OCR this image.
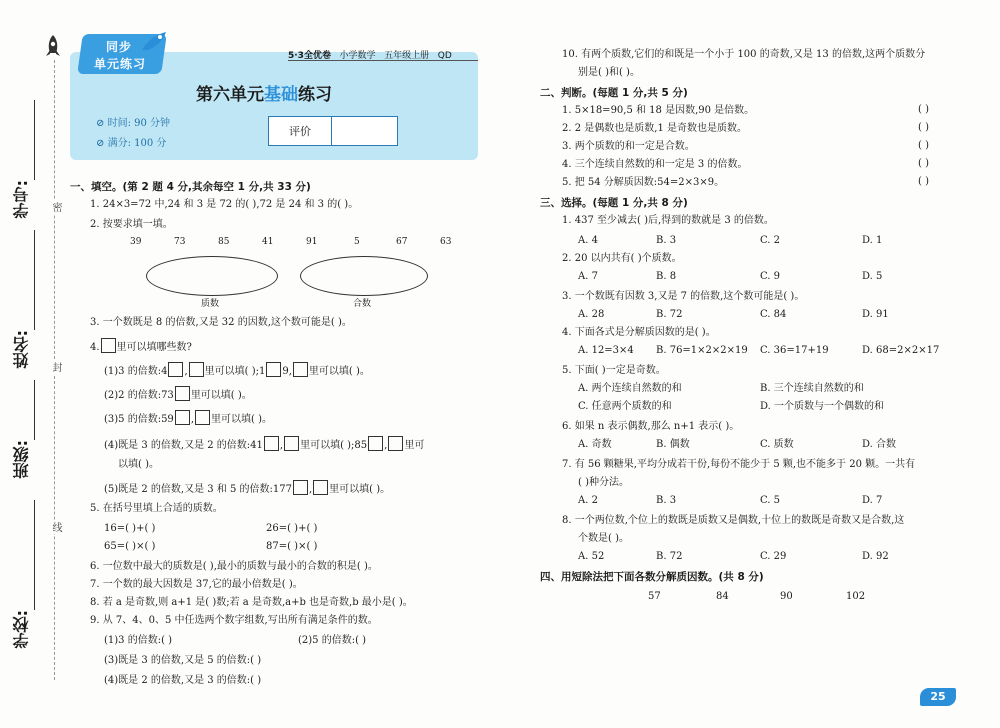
学号:
姓名:
班级:
学校:
密
封
线
同步
单元练习
5·3全优卷 小学数学 五年级上册 QD
第六单元基础练习
⊘ 时间: 90 分钟
⊘ 满分: 100 分
评价
一、填空。(第 2 题 4 分,其余每空 1 分,共 33 分)
1. 24×3=72 中,24 和 3 是 72 的( ),72 是 24 和 3 的( )。
2. 按要求填一填。
39	73	85	41	91	5	67	63
质数	合数
3. 一个数既是 8 的倍数,又是 32 的因数,这个数可能是( )。
4. 里可以填哪些数?
(1)3 的倍数:4 , 里可以填( );1 9, 里可以填( )。
(2)2 的倍数:73 里可以填( )。
(3)5 的倍数:59 , 里可以填( )。
(4)既是 3 的倍数,又是 2 的倍数:41 , 里可以填( );85 , 里可
以填( )。
(5)既是 2 的倍数,又是 3 和 5 的倍数:177 , 里可以填( )。
5. 在括号里填上合适的质数。
16=( )+( )	26=( )+( )
65=( )×( )	87=( )×( )
6. 一位数中最大的质数是( ),最小的质数与最小的合数的积是( )。
7. 一个数的最大因数是 37,它的最小倍数是( )。
8. 若 a 是奇数,则 a+1 是( )数;若 a 是奇数,a+b 也是奇数,b 最小是( )。
9. 从 7、4、0、5 中任选两个数字组数,写出所有满足条件的数。
(1)3 的倍数:( )	(2)5 的倍数:( )
(3)既是 3 的倍数,又是 5 的倍数:( )
(4)既是 2 的倍数,又是 3 的倍数:( )
10. 有两个质数,它们的和既是一个小于 100 的奇数,又是 13 的倍数,这两个质数分
别是( )和( )。
二、判断。(每题 1 分,共 5 分)
1. 5×18=90,5 和 18 是因数,90 是倍数。	( )
2. 2 是偶数也是质数,1 是奇数也是质数。	( )
3. 两个质数的和一定是合数。	( )
4. 三个连续自然数的和一定是 3 的倍数。	( )
5. 把 54 分解质因数:54=2×3×9。	( )
三、选择。(每题 1 分,共 8 分)
1. 437 至少减去( )后,得到的数就是 3 的倍数。
A. 4	B. 3	C. 2	D. 1
2. 20 以内共有( )个质数。
A. 7	B. 8	C. 9	D. 5
3. 一个数既有因数 3,又是 7 的倍数,这个数可能是( )。
A. 28	B. 72	C. 84	D. 91
4. 下面各式是分解质因数的是( )。
A. 12=3×4 B. 76=1×2×2×19 C. 36=17+19	D. 68=2×2×17
5. 下面( )一定是奇数。
A. 两个连续自然数的和	B. 三个连续自然数的和
C. 任意两个质数的和	D. 一个质数与一个偶数的和
6. 如果 n 表示偶数,那么 n+1 表示( )。
A. 奇数	B. 偶数	C. 质数	D. 合数
7. 有 56 颗糖果,平均分成若干份,每份不能少于 5 颗,也不能多于 20 颗。一共有
( )种分法。
A. 2	B. 3	C. 5	D. 7
8. 一个两位数,个位上的数既是质数又是偶数,十位上的数既是奇数又是合数,这
个数是( )。
A. 52	B. 72	C. 29	D. 92
四、用短除法把下面各数分解质因数。(共 8 分)
57	84	90	102
25
